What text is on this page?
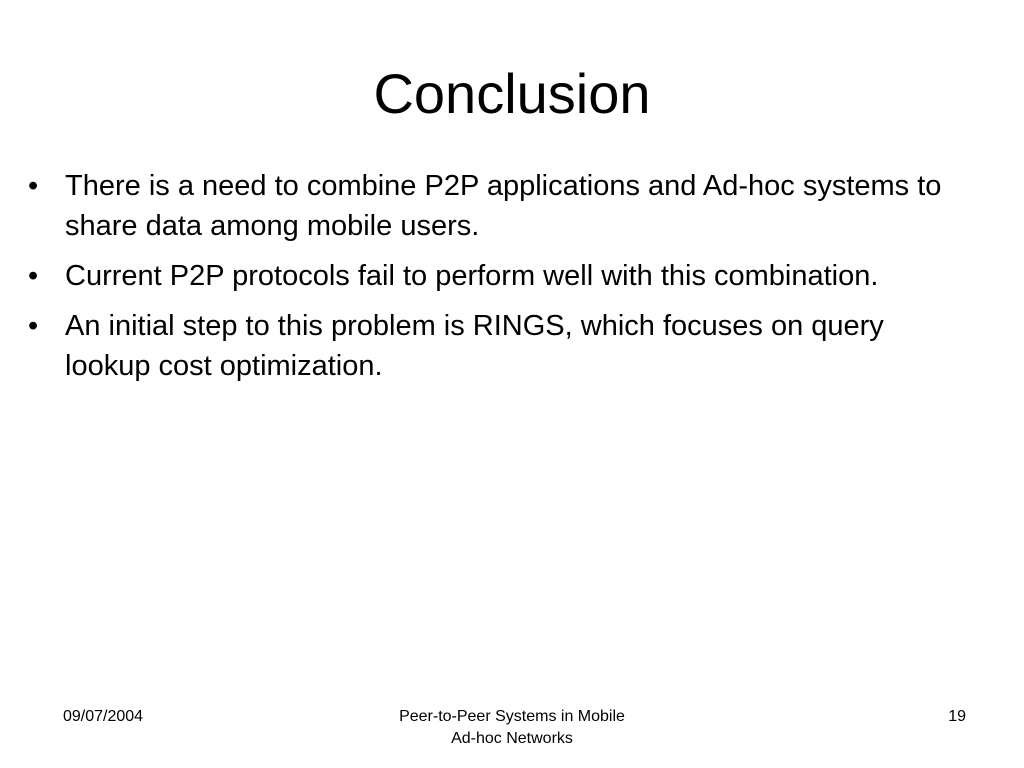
Conclusion
• There is a need to combine P2P applications and Ad-hoc systems to share data among mobile users.
• Current P2P protocols fail to perform well with this combination.
• An initial step to this problem is RINGS, which focuses on query lookup cost optimization.
09/07/2004	Peer-to-Peer Systems in Mobile
Ad-hoc Networks
19
